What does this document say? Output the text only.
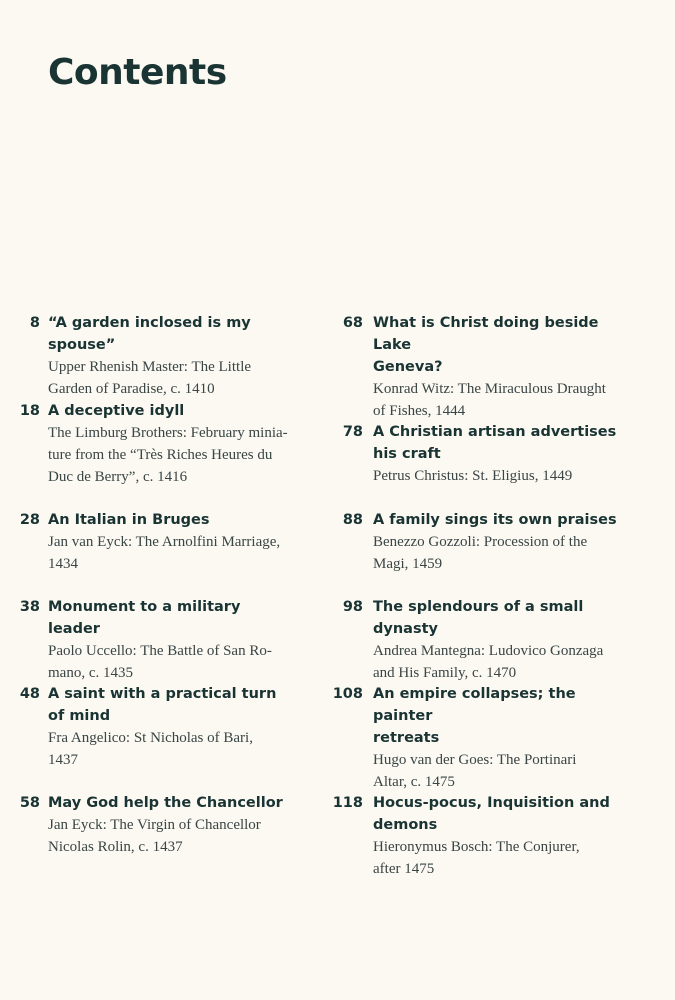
Contents
8 “A garden inclosed is my spouse”

Upper Rhenish Master: The Little

Garden of Paradise, c. 1410

18 A deceptive idyll

The Limburg Brothers: February minia-

ture from the “Très Riches Heures du

Duc de Berry”, c. 1416

28 An Italian in Bruges

Jan van Eyck: The Arnolfini Marriage,

1434

38 Monument to a military leader

Paolo Uccello: The Battle of San Ro-

mano, c. 1435

48 A saint with a practical turn

of mind

Fra Angelico: St Nicholas of Bari,

1437

58 May God help the Chancellor

Jan Eyck: The Virgin of Chancellor

Nicolas Rolin, c. 1437

68 What is Christ doing beside Lake

Geneva?

Konrad Witz: The Miraculous Draught

of Fishes, 1444

78 A Christian artisan advertises

his craft

Petrus Christus: St. Eligius, 1449

88 A family sings its own praises

Benezzo Gozzoli: Procession of the

Magi, 1459

98 The splendours of a small dynasty

Andrea Mantegna: Ludovico Gonzaga

and His Family, c. 1470

108 An empire collapses; the painter

retreats

Hugo van der Goes: The Portinari

Altar, c. 1475

118 Hocus-pocus, Inquisition and

demons

Hieronymus Bosch: The Conjurer,

after 1475
